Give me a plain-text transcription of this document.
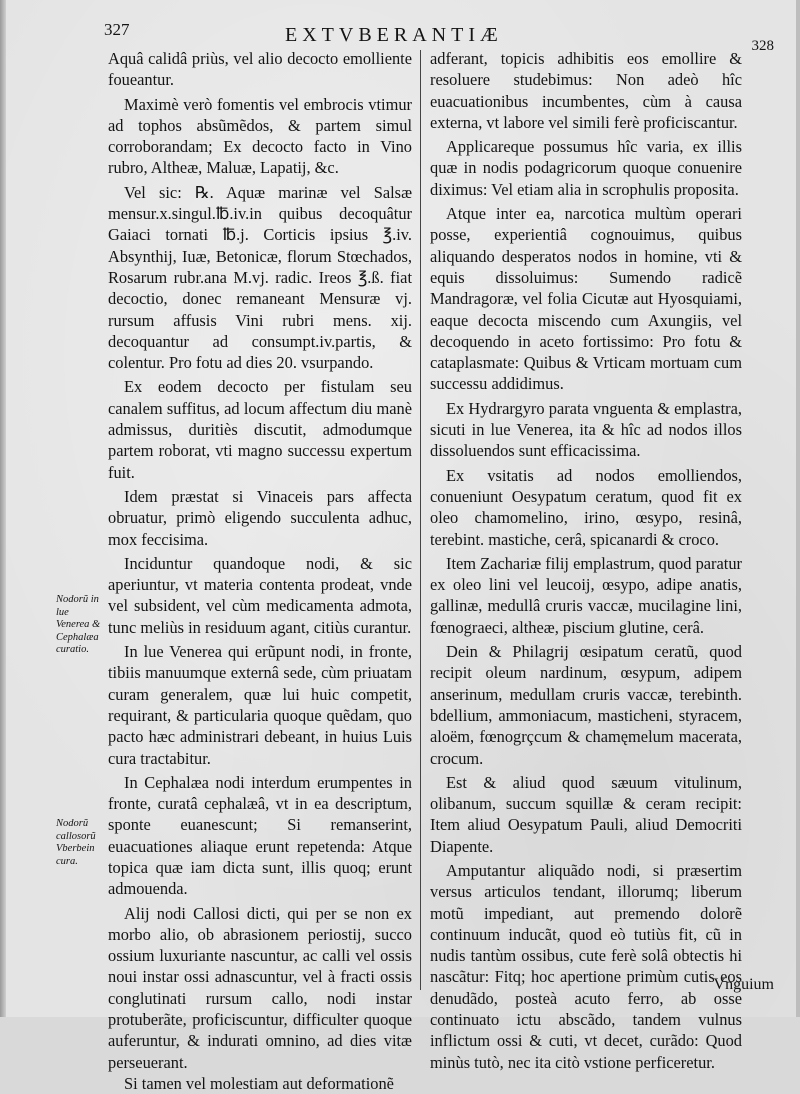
327	EXTVBERANTIÆ	328
Nodorũ in lue Venerea & Cephalæa curatio.
Nodorũ callosorũ Vberbein cura.

Aquâ calidâ priùs, vel alio decocto emolliente foueantur.

Maximè verò fomentis vel embrocis vtimur ad tophos absũmẽdos, & partem simul corroborandam; Ex decocto facto in Vino rubro, Altheæ, Maluæ, Lapatij, &c.

Vel sic: ℞. Aquæ marinæ vel Salsæ mensur.x.singul.℔.iv.in quibus decoquâtur Gaiaci tornati ℔.j. Corticis ipsius ℥.iv. Absynthij, Iuæ, Betonicæ, florum Stœchados, Rosarum rubr.ana M.vj. radic. Ireos ℥.ß. fiat decoctio, donec remaneant Mensuræ vj. rursum affusis Vini rubri mens. xij. decoquantur ad consumpt.iv.partis, & colentur. Pro fotu ad dies 20. vsurpando.

Ex eodem decocto per fistulam seu canalem suffitus, ad locum affectum diu manè admissus, duritiès discutit, admodumque partem roborat, vti magno successu expertum fuit.

Idem præstat si Vinaceis pars affecta obruatur, primò eligendo succulenta adhuc, mox feccisima.

Inciduntur quandoque nodi, & sic aperiuntur, vt materia contenta prodeat, vnde vel subsident, vel cùm medicamenta admota, tunc meliùs in residuum agant, citiùs curantur.

In lue Venerea qui erũpunt nodi, in fronte, tibiis manuumque externâ sede, cùm priuatam curam generalem, quæ lui huic competit, requirant, & particularia quoque quẽdam, quo pacto hæc administrari debeant, in huius Luis cura tractabitur.

In Cephalæa nodi interdum erumpentes in fronte, curatâ cephalæâ, vt in ea descriptum, sponte euanescunt; Si remanserint, euacuationes aliaque erunt repetenda: Atque topica quæ iam dicta sunt, illis quoq; erunt admouenda.

Alij nodi Callosi dicti, qui per se non ex morbo alio, ob abrasionem periostij, succo ossium luxuriante nascuntur, ac calli vel ossis noui instar ossi adnascuntur, vel à fracti ossis conglutinati rursum callo, nodi instar protuberãte, proficiscuntur, difficulter quoque auferuntur, & indurati omnino, ad dies vitæ perseuerant.

Si tamen vel molestiam aut deformationẽ

adferant, topicis adhibitis eos emollire & resoluere studebimus: Non adeò hîc euacuationibus incumbentes, cùm à causa externa, vt labore vel simili ferè proficiscantur.

Applicareque possumus hîc varia, ex illis quæ in nodis podagricorum quoque conuenire diximus: Vel etiam alia in scrophulis proposita.

Atque inter ea, narcotica multùm operari posse, experientiâ cognouimus, quibus aliquando desperatos nodos in homine, vti & equis dissoluimus: Sumendo radicẽ Mandragoræ, vel folia Cicutæ aut Hyosquiami, eaque decocta miscendo cum Axungiis, vel decoquendo in aceto fortissimo: Pro fotu & cataplasmate: Quibus & Vrticam mortuam cum successu addidimus.

Ex Hydrargyro parata vnguenta & emplastra, sicuti in lue Venerea, ita & hîc ad nodos illos dissoluendos sunt efficacissima.

Ex vsitatis ad nodos emolliendos, conueniunt Oesypatum ceratum, quod fit ex oleo chamomelino, irino, œsypo, resinâ, terebint. mastiche, cerâ, spicanardi & croco.

Item Zachariæ filij emplastrum, quod paratur ex oleo lini vel leucoij, œsypo, adipe anatis, gallinæ, medullâ cruris vaccæ, mucilagine lini, fœnograeci, altheæ, piscium glutine, cerâ.

Dein & Philagrij œsipatum ceratũ, quod recipit oleum nardinum, œsypum, adipem anserinum, medullam cruris vaccæ, terebinth. bdellium, ammoniacum, masticheni, styracem, aloëm, fœnogrçcum & chamęmelum macerata, crocum.

Est & aliud quod sæuum vitulinum, olibanum, succum squillæ & ceram recipit: Item aliud Oesypatum Pauli, aliud Democriti Diapente.

Amputantur aliquãdo nodi, si præsertim versus articulos tendant, illorumq; liberum motũ impediant, aut premendo dolorẽ continuum inducãt, quod eò tutiùs fit, cũ in nudis tantùm ossibus, cute ferè solâ obtectis hi nascãtur: Fitq; hoc apertione primùm cutis eos denudãdo, posteà acuto ferro, ab osse continuato ictu abscãdo, tandem vulnus inflictum ossi & cuti, vt decet, curãdo: Quod minùs tutò, nec ita citò vstione perficeretur.

Vnguium
